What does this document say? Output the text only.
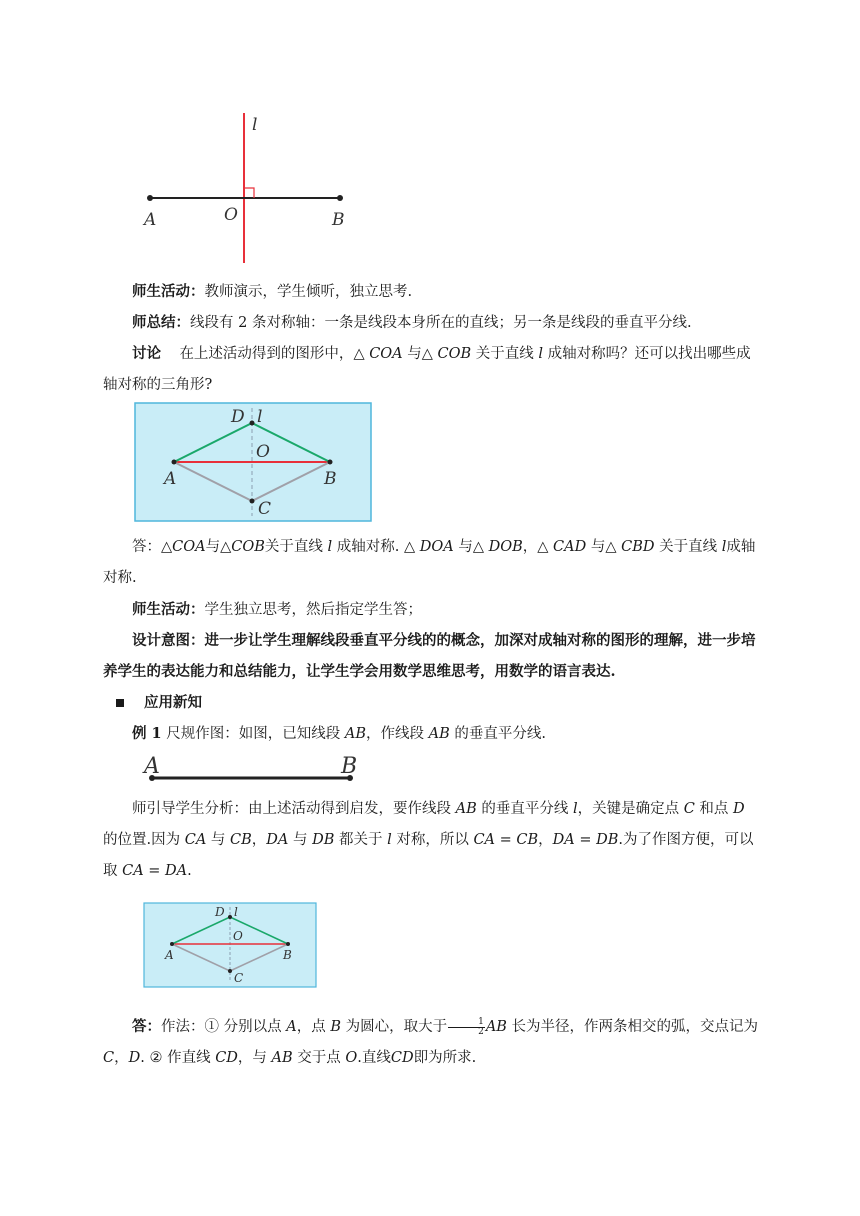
l
A	O	B

师生活动：教师演示，学生倾听，独立思考.

师总结：线段有 2 条对称轴：一条是线段本身所在的直线；另一条是线段的垂直平分线.

讨论 在上述活动得到的图形中，△ COA 与△ COB 关于直线 l 成轴对称吗？还可以找出哪些成轴对称的三角形?

D l
O
A	B
C

答：△COA与△COB关于直线 l 成轴对称. △ DOA 与△ DOB，△ CAD 与△ CBD 关于直线 l成轴对称.

师生活动：学生独立思考，然后指定学生答；

设计意图：进一步让学生理解线段垂直平分线的的概念，加深对成轴对称的图形的理解，进一步培养学生的表达能力和总结能力，让学生学会用数学思维思考，用数学的语言表达.

应用新知

例 1 尺规作图：如图，已知线段 AB，作线段 AB 的垂直平分线.

A	B

师引导学生分析：由上述活动得到启发，要作线段 AB 的垂直平分线 l，关键是确定点 C 和点 D 的位置.因为 CA 与 CB，DA 与 DB 都关于 l 对称，所以 CA = CB，DA = DB.为了作图方便，可以取 CA = DA.

D l
O
A	B
C

答：作法：① 分别以点 A，点 B 为圆心，取大于 $\frac{1}{2}$ AB 长为半径，作两条相交的弧，交点记为 C，D. ② 作直线 CD，与 AB 交于点 O.直线CD即为所求.
